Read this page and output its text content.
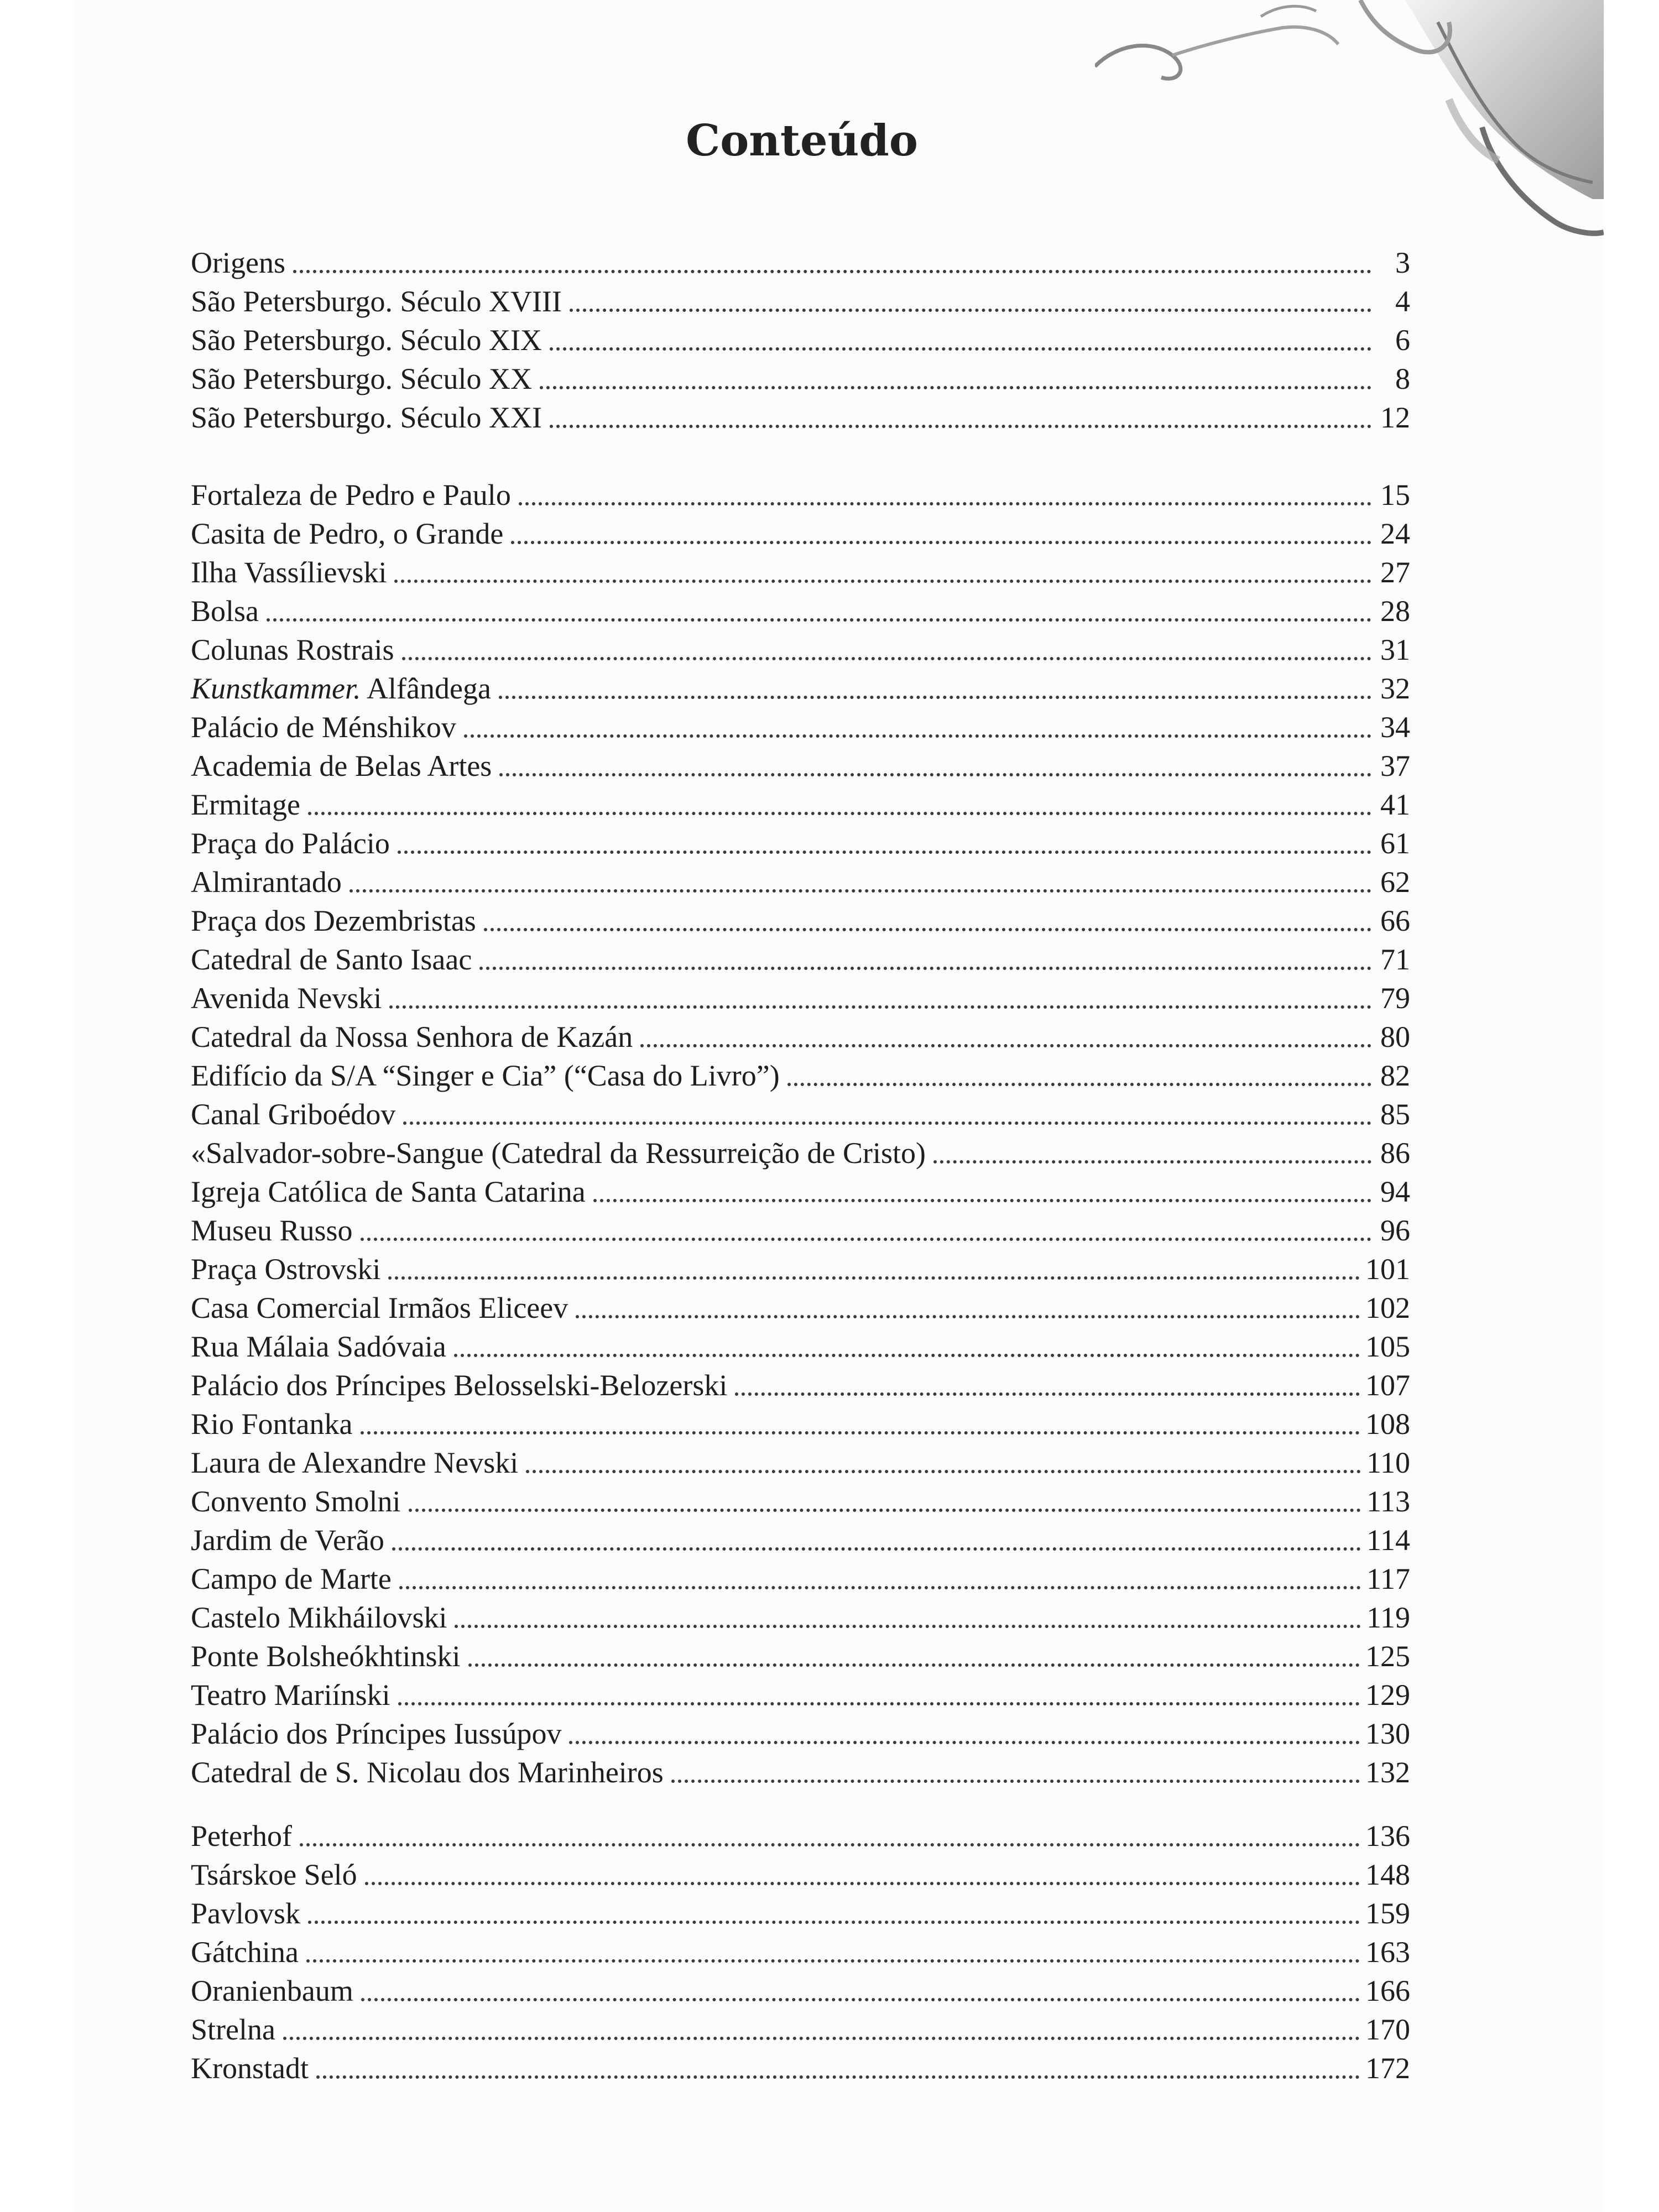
Conteúdo
Origens	3
São Petersburgo. Século XVIII	4
São Petersburgo. Século XIX	6
São Petersburgo. Século XX	8
São Petersburgo. Século XXI	12
Fortaleza de Pedro e Paulo	15
Casita de Pedro, o Grande	24
Ilha Vassílievski	27
Bolsa	28
Colunas Rostrais	31
Kunstkammer. Alfândega	32
Palácio de Ménshikov	34
Academia de Belas Artes	37
Ermitage	41
Praça do Palácio	61
Almirantado	62
Praça dos Dezembristas	66
Catedral de Santo Isaac	71
Avenida Nevski	79
Catedral da Nossa Senhora de Kazán	80
Edifício da S/A “Singer e Cia” (“Casa do Livro”)	82
Canal Griboédov	85
«Salvador-sobre-Sangue (Catedral da Ressurreição de Cristo)	86
Igreja Católica de Santa Catarina	94
Museu Russo	96
Praça Ostrovski	101
Casa Comercial Irmãos Eliceev	102
Rua Málaia Sadóvaia	105
Palácio dos Príncipes Belosselski-Belozerski	107
Rio Fontanka	108
Laura de Alexandre Nevski	110
Convento Smolni	113
Jardim de Verão	114
Campo de Marte	117
Castelo Mikháilovski	119
Ponte Bolsheókhtinski	125
Teatro Mariínski	129
Palácio dos Príncipes Iussúpov	130
Catedral de S. Nicolau dos Marinheiros	132
Peterhof	136
Tsárskoe Seló	148
Pavlovsk	159
Gátchina	163
Oranienbaum	166
Strelna	170
Kronstadt	172
